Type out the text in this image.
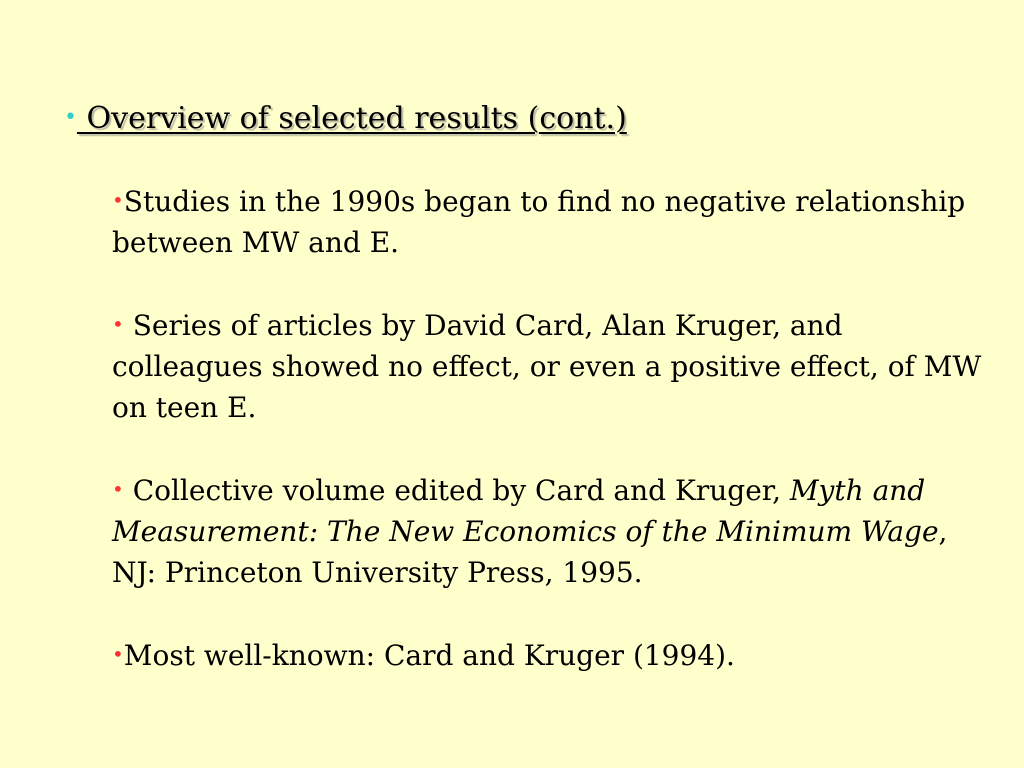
• Overview of selected results (cont.)

•Studies in the 1990s began to find no negative relationship between MW and E.

• Series of articles by David Card, Alan Kruger, and colleagues showed no effect, or even a positive effect, of MW on teen E.

• Collective volume edited by Card and Kruger, Myth and Measurement: The New Economics of the Minimum Wage, NJ: Princeton University Press, 1995.

•Most well-known: Card and Kruger (1994).
